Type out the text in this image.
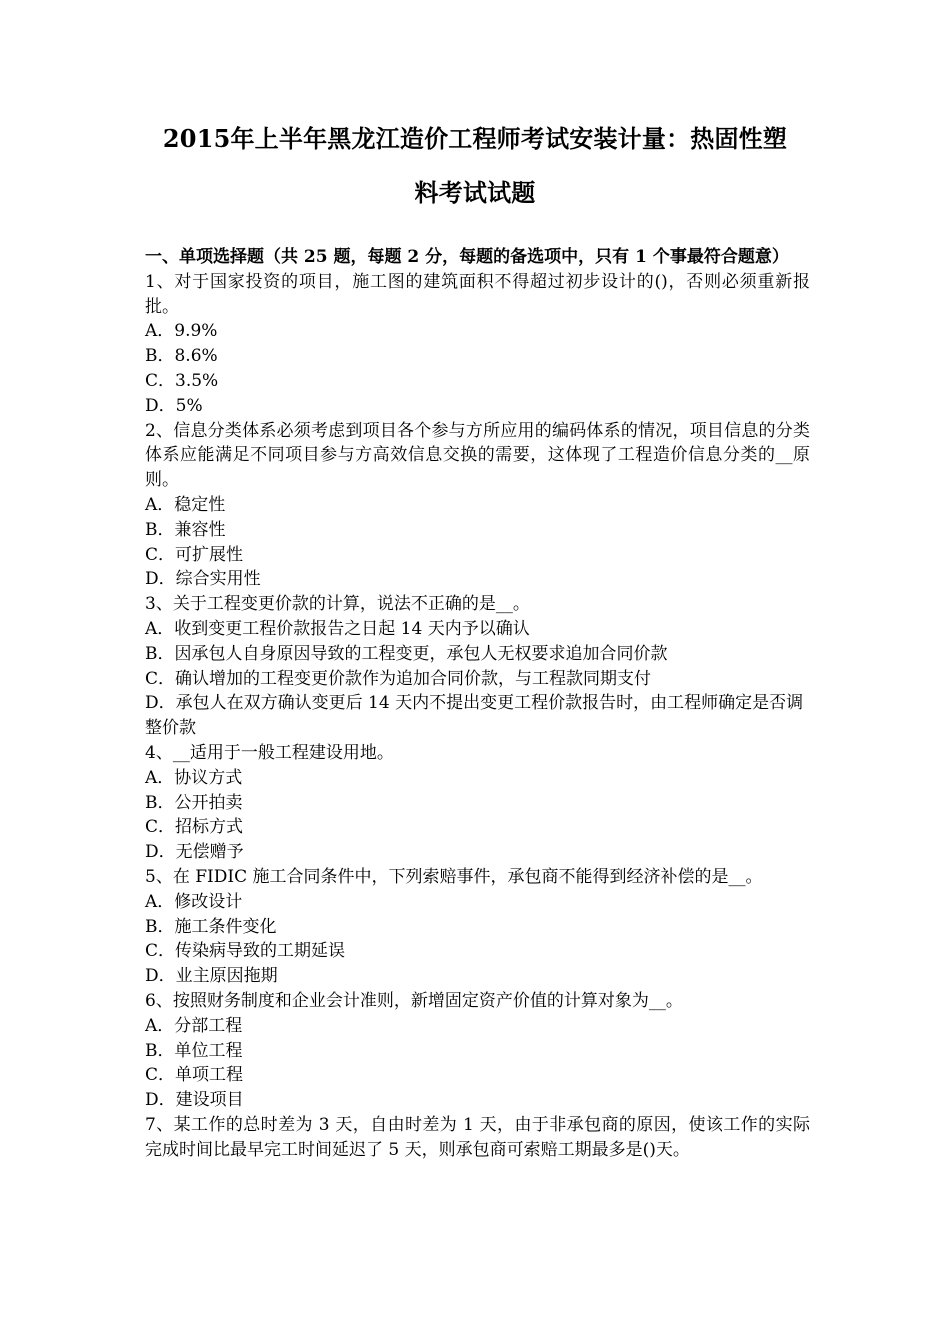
2015年上半年黑龙江造价工程师考试安装计量：热固性塑
料考试试题

一、单项选择题（共 25 题，每题 2 分，每题的备选项中，只有 1 个事最符合题意）

1、对于国家投资的项目，施工图的建筑面积不得超过初步设计的()，否则必须重新报批。

A．9.9%

B．8.6%

C．3.5%

D．5%

2、信息分类体系必须考虑到项目各个参与方所应用的编码体系的情况，项目信息的分类体系应能满足不同项目参与方高效信息交换的需要，这体现了工程造价信息分类的__原则。

A．稳定性

B．兼容性

C．可扩展性

D．综合实用性

3、关于工程变更价款的计算，说法不正确的是__。

A．收到变更工程价款报告之日起 14 天内予以确认

B．因承包人自身原因导致的工程变更，承包人无权要求追加合同价款

C．确认增加的工程变更价款作为追加合同价款，与工程款同期支付

D．承包人在双方确认变更后 14 天内不提出变更工程价款报告时，由工程师确定是否调整价款

4、__适用于一般工程建设用地。

A．协议方式

B．公开拍卖

C．招标方式

D．无偿赠予

5、在 FIDIC 施工合同条件中，下列索赔事件，承包商不能得到经济补偿的是__。

A．修改设计

B．施工条件变化

C．传染病导致的工期延误

D．业主原因拖期

6、按照财务制度和企业会计准则，新增固定资产价值的计算对象为__。

A．分部工程

B．单位工程

C．单项工程

D．建设项目

7、某工作的总时差为 3 天，自由时差为 1 天，由于非承包商的原因，使该工作的实际完成时间比最早完工时间延迟了 5 天，则承包商可索赔工期最多是()天。
